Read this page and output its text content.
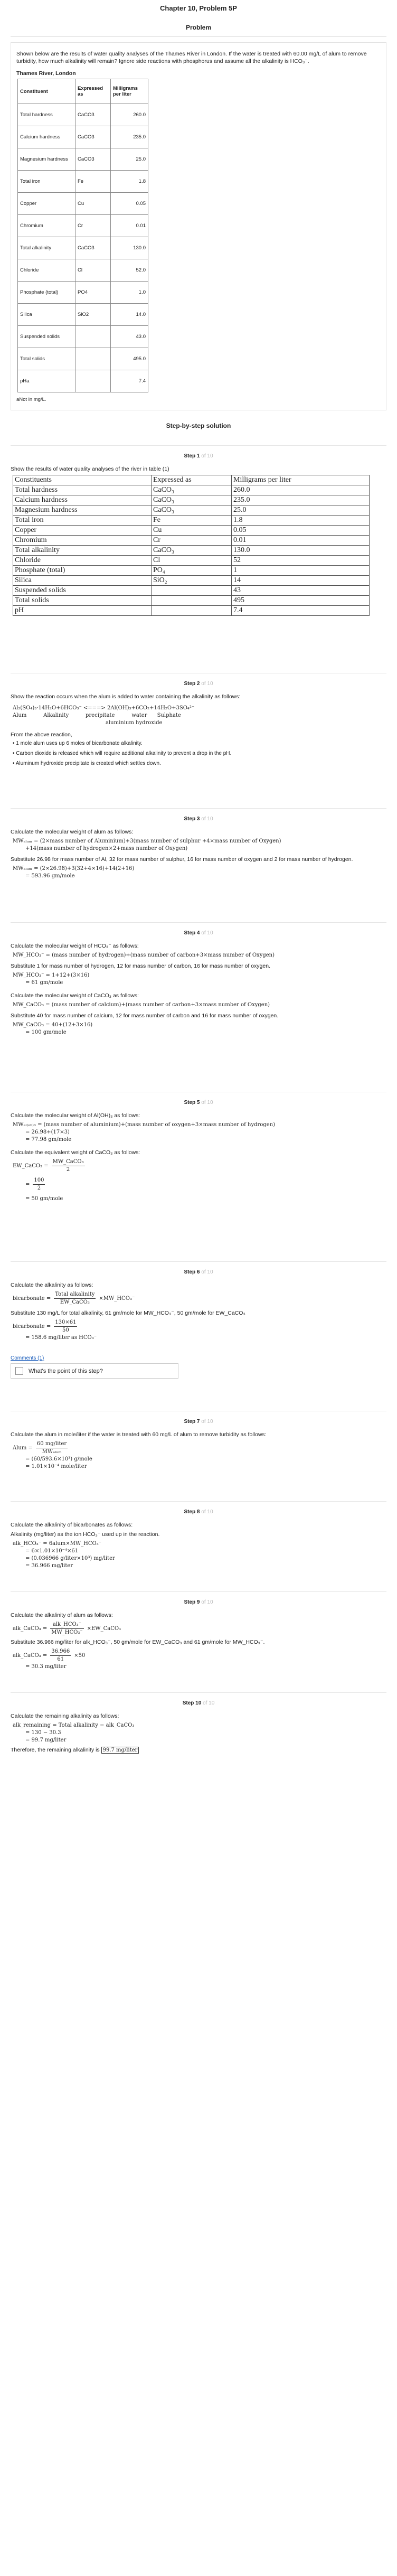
Chapter 10, Problem 5P
Problem

Shown below are the results of water quality analyses of the Thames River in London. If the water is treated with 60.00 mg/L of alum to remove turbidity, how much alkalinity will remain? Ignore side reactions with phosphorus and assume all the alkalinity is HCO₃⁻.

Thames River, London
Constituent	Expressed as	Milligrams per liter
Total hardness	CaCO3	260.0
Calcium hardness	CaCO3	235.0
Magnesium hardness	CaCO3	25.0
Total iron	Fe	1.8
Copper	Cu	0.05
Chromium	Cr	0.01
Total alkalinity	CaCO3	130.0
Chloride	Cl	52.0
Phosphate (total)	PO4	1.0
Silica	SiO2	14.0
Suspended solids		43.0
Total solids		495.0
pHa		7.4
aNot in mg/L.
Step-by-step solution
Step 1 of 10
Show the results of water quality analyses of the river in table (1)
Constituents	Expressed as	Milligrams per liter
Total hardness	CaCO₃	260.0
Calcium hardness	CaCO₃	235.0
Magnesium hardness	CaCO₃	25.0
Total iron	Fe	1.8
Copper	Cu	0.05
Chromium	Cr	0.01
Total alkalinity	CaCO₃	130.0
Chloride	Cl	52
Phosphate (total)	PO₄	1
Silica	SiO₂	14
Suspended solids		43
Total solids		495
pH		7.4
Step 2 of 10
Show the reaction occurs when the alum is added to water containing the alkalinity as follows:
Al₂(SO₄)₃·14H₂O+6HCO₃⁻ <===> 2Al(OH)₃+6CO₂+14H₂O+3SO₄²⁻
Alum          Alkalinity          precipitate          water      Sulphate
aluminium hydroxide
From the above reaction,
• 1 mole alum uses up 6 moles of bicarbonate alkalinity.
• Carbon dioxide is released which will require additional alkalinity to prevent a drop in the pH.
• Aluminum hydroxide precipitate is created which settles down.
Step 3 of 10
Calculate the molecular weight of alum as follows:
MWₐₗᵤₘ = (2×mass number of Aluminium)+3(mass number of sulphur +4×mass number of Oxygen)
+14(mass number of hydrogen×2+mass number of Oxygen)
Substitute 26.98 for mass number of Al, 32 for mass number of sulphur, 16 for mass number of oxygen and 2 for mass number of hydrogen.
MWₐₗᵤₘ = (2×26.98)+3(32+4×16)+14(2+16)
= 593.96 gm/mole
Step 4 of 10
Calculate the molecular weight of HCO₃⁻ as follows:
MW_HCO₃⁻ = (mass number of hydrogen)+(mass number of carbon+3×mass number of Oxygen)
Substitute 1 for mass number of hydrogen, 12 for mass number of carbon, 16 for mass number of oxygen.
MW_HCO₃⁻ = 1+12+(3×16)
= 61 gm/mole
Calculate the molecular weight of CaCO₃ as follows:
MW_CaCO₃ = (mass number of calcium)+(mass number of carbon+3×mass number of Oxygen)
Substitute 40 for mass number of calcium, 12 for mass number of carbon and 16 for mass number of oxygen.
MW_CaCO₃ = 40+(12+3×16)
= 100 gm/mole
Step 5 of 10
Calculate the molecular weight of Al(OH)₃ as follows:
MWₐₗ₍ₒₕ₎₃ = (mass number of aluminium)+(mass number of oxygen+3×mass number of hydrogen)
= 26.98+(17×3)
= 77.98 gm/mole
Calculate the equivalent weight of CaCO₃ as follows:
EW_CaCO₃ = $\frac{\text{MW\_CaCO₃}}{2}$
= $\frac{100}{2}$
= 50 gm/mole
Step 6 of 10
Calculate the alkalinity as follows:
bicarbonate = $\frac{\text{Total alkalinity}}{\text{EW\_CaCO₃}}$ ×MW_HCO₃⁻
Substitute 130 mg/L for total alkalinity, 61 gm/mole for MW_HCO₃⁻, 50 gm/mole for EW_CaCO₃
bicarbonate = $\frac{130\times 61}{50}$
= 158.6 mg/liter as HCO₃⁻
Comments (1)
What's the point of this step?
Step 7 of 10
Calculate the alum in mole/liter if the water is treated with 60 mg/L of alum to remove turbidity as follows:
Alum = $\frac{\text{60 mg/liter}}{\text{MWₐₗᵤₘ}}$
= (60/593.6×10³) g/mole
= 1.01×10⁻⁴ mole/liter
Step 8 of 10
Calculate the alkalinity of bicarbonates as follows:
Alkalinity (mg/liter) as the ion HCO₃⁻ used up in the reaction.
alk_HCO₃⁻ = 6alum×MW_HCO₃⁻
= 6×1.01×10⁻⁴×61
= (0.036966 g/liter×10³) mg/liter
= 36.966 mg/liter
Step 9 of 10
Calculate the alkalinity of alum as follows:
alk_CaCO₃ = $\frac{\text{alk\_HCO₃⁻}}{\text{MW\_HCO₃⁻}}$ ×EW_CaCO₃
Substitute 36.966 mg/liter for alk_HCO₃⁻, 50 gm/mole for EW_CaCO₃ and 61 gm/mole for MW_HCO₃⁻.
alk_CaCO₃ = $\frac{36.966}{61} \times 50$
= 30.3 mg/liter
Step 10 of 10
Calculate the remaining alkalinity as follows:
alk_remaining = Total alkalinity − alk_CaCO₃
= 130 − 30.3
= 99.7 mg/liter
Therefore, the remaining alkalinity is 99.7 mg/liter
